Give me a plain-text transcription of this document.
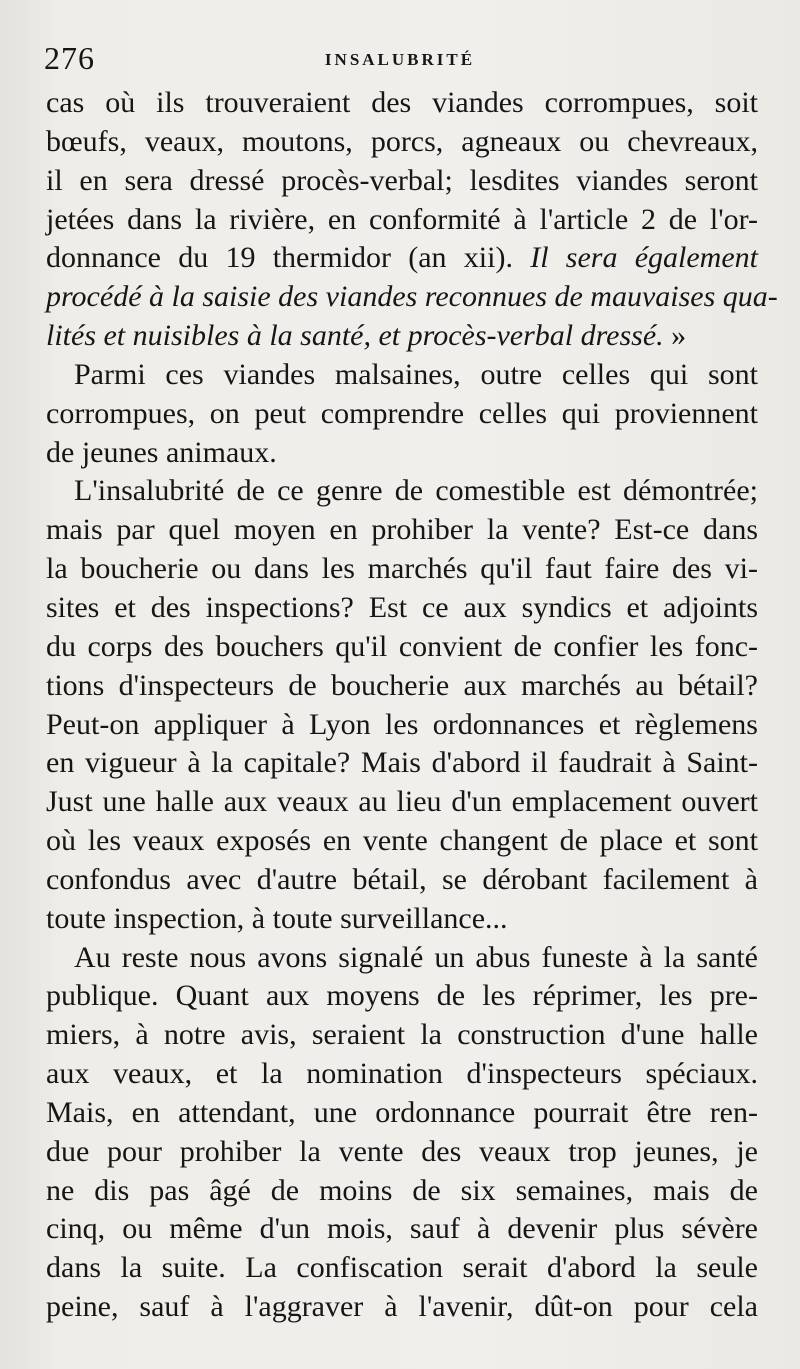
276	INSALUBRITÉ
cas où ils trouveraient des viandes corrompues, soit
bœufs, veaux, moutons, porcs, agneaux ou chevreaux,
il en sera dressé procès-verbal; lesdites viandes seront
jetées dans la rivière, en conformité à l'article 2 de l'or-
donnance du 19 thermidor (an xii). Il sera également
procédé à la saisie des viandes reconnues de mauvaises qua-
lités et nuisibles à la santé, et procès-verbal dressé. »
Parmi ces viandes malsaines, outre celles qui sont
corrompues, on peut comprendre celles qui proviennent
de jeunes animaux.
L'insalubrité de ce genre de comestible est démontrée;
mais par quel moyen en prohiber la vente? Est-ce dans
la boucherie ou dans les marchés qu'il faut faire des vi-
sites et des inspections? Est ce aux syndics et adjoints
du corps des bouchers qu'il convient de confier les fonc-
tions d'inspecteurs de boucherie aux marchés au bétail?
Peut-on appliquer à Lyon les ordonnances et règlemens
en vigueur à la capitale? Mais d'abord il faudrait à Saint-
Just une halle aux veaux au lieu d'un emplacement ouvert
où les veaux exposés en vente changent de place et sont
confondus avec d'autre bétail, se dérobant facilement à
toute inspection, à toute surveillance...
Au reste nous avons signalé un abus funeste à la santé
publique. Quant aux moyens de les réprimer, les pre-
miers, à notre avis, seraient la construction d'une halle
aux veaux, et la nomination d'inspecteurs spéciaux.
Mais, en attendant, une ordonnance pourrait être ren-
due pour prohiber la vente des veaux trop jeunes, je
ne dis pas âgé de moins de six semaines, mais de
cinq, ou même d'un mois, sauf à devenir plus sévère
dans la suite. La confiscation serait d'abord la seule
peine, sauf à l'aggraver à l'avenir, dût-on pour cela
